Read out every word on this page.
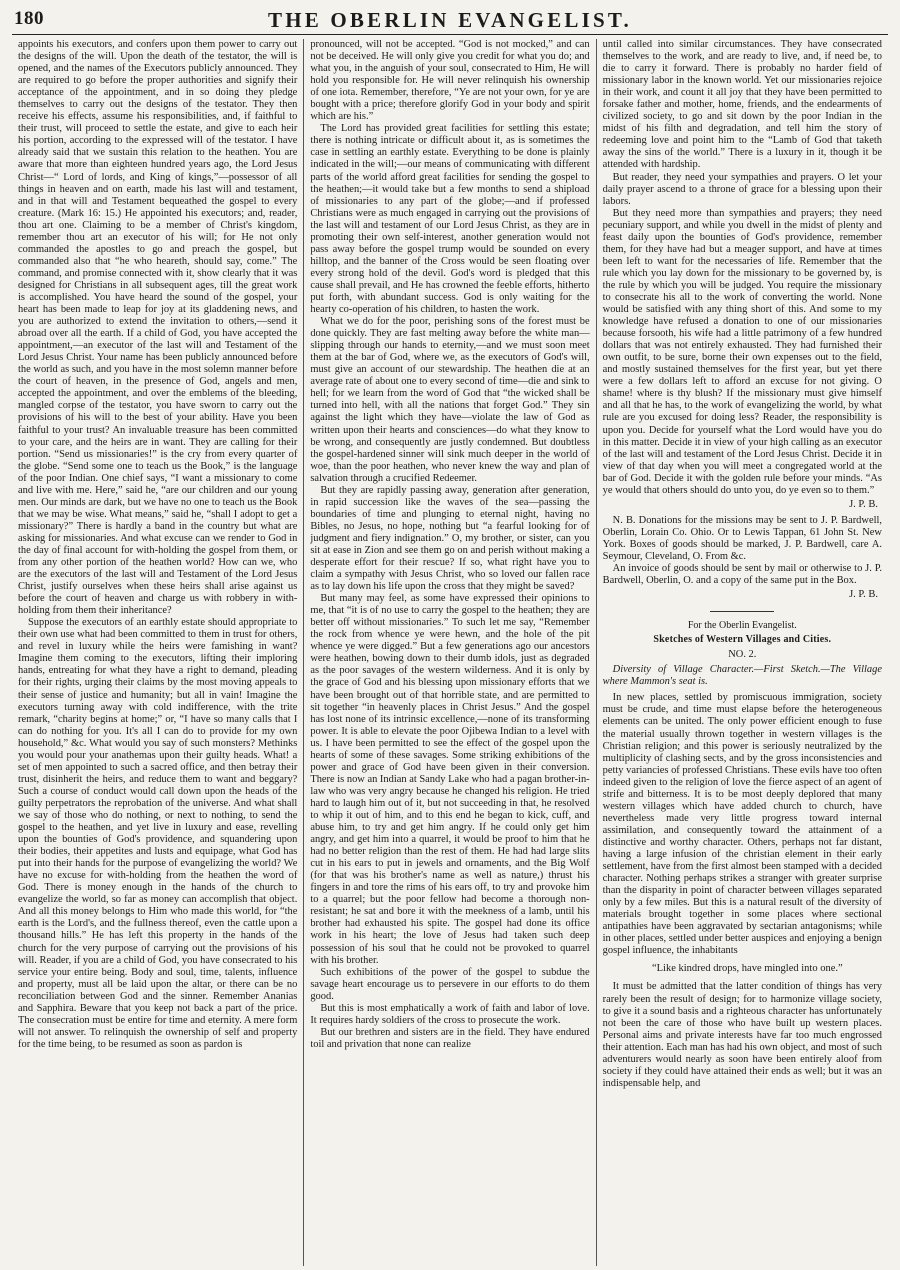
180	THE OBERLIN EVANGELIST.

appoints his executors, and confers upon them power to carry out the designs of the will. Upon the death of the testator, the will is opened, and the names of the Executors publicly announced. They are required to go before the proper authorities and signify their acceptance of the appointment, and in so doing they pledge themselves to carry out the designs of the testator. They then receive his effects, assume his responsibilities, and, if faithful to their trust, will proceed to settle the estate, and give to each heir his portion, according to the expressed will of the testator. I have already said that we sustain this relation to the heathen. You are aware that more than eighteen hundred years ago, the Lord Jesus Christ—“ Lord of lords, and King of kings,”—possessor of all things in heaven and on earth, made his last will and testament, and in that will and Testament bequeathed the gospel to every creature. (Mark 16: 15.) He appointed his executors; and, reader, thou art one. Claiming to be a member of Christ's kingdom, remember thou art an executor of his will; for He not only commanded the apostles to go and preach the gospel, but commanded also that “he who heareth, should say, come.” The command, and promise connected with it, show clearly that it was designed for Christians in all subsequent ages, till the great work is accomplished. You have heard the sound of the gospel, your heart has been made to leap for joy at its gladdening news, and you are authorized to extend the invitation to others,—send it abroad over all the earth. If a child of God, you have accepted the appointment,—an executor of the last will and Testament of the Lord Jesus Christ. Your name has been publicly announced before the world as such, and you have in the most solemn manner before the court of heaven, in the presence of God, angels and men, accepted the appointment, and over the emblems of the bleeding, mangled corpse of the testator, you have sworn to carry out the provisions of his will to the best of your ability. Have you been faithful to your trust? An invaluable treasure has been committed to your care, and the heirs are in want. They are calling for their portion. “Send us missionaries!” is the cry from every quarter of the globe. “Send some one to teach us the Book,” is the language of the poor Indian. One chief says, “I want a missionary to come and live with me. Here,” said he, “are our children and our young men. Our minds are dark, but we have no one to teach us the Book that we may be wise. What means,” said he, “shall I adopt to get a missionary?” There is hardly a band in the country but what are asking for missionaries. And what excuse can we render to God in the day of final account for with-holding the gospel from them, or from any other portion of the heathen world? How can we, who are the executors of the last will and Testament of the Lord Jesus Christ, justify ourselves when these heirs shall arise against us before the court of heaven and charge us with robbery in with-holding from them their inheritance?

Suppose the executors of an earthly estate should appropriate to their own use what had been committed to them in trust for others, and revel in luxury while the heirs were famishing in want? Imagine them coming to the executors, lifting their imploring hands, entreating for what they have a right to demand, pleading for their rights, urging their claims by the most moving appeals to their sense of justice and humanity; but all in vain! Imagine the executors turning away with cold indifference, with the trite remark, “charity begins at home;” or, “I have so many calls that I can do nothing for you. It's all I can do to provide for my own household,” &c. What would you say of such monsters? Methinks you would pour your anathemas upon their guilty heads. What! a set of men appointed to such a sacred office, and then betray their trust, disinherit the heirs, and reduce them to want and beggary? Such a course of conduct would call down upon the heads of the guilty perpetrators the reprobation of the universe. And what shall we say of those who do nothing, or next to nothing, to send the gospel to the heathen, and yet live in luxury and ease, revelling upon the bounties of God's providence, and squandering upon their bodies, their appetites and lusts and equipage, what God has put into their hands for the purpose of evangelizing the world? We have no excuse for with-holding from the heathen the word of God. There is money enough in the hands of the church to evangelize the world, so far as money can accomplish that object. And all this money belongs to Him who made this world, for “the earth is the Lord's, and the fullness thereof, even the cattle upon a thousand hills.” He has left this property in the hands of the church for the very purpose of carrying out the provisions of his will. Reader, if you are a child of God, you have consecrated to his service your entire being. Body and soul, time, talents, influence and property, must all be laid upon the altar, or there can be no reconciliation between God and the sinner. Remember Ananias and Sapphira. Beware that you keep not back a part of the price. The consecration must be entire for time and eternity. A mere form will not answer. To relinquish the ownership of self and property for the time being, to be resumed as soon as pardon is

pronounced, will not be accepted. “God is not mocked,” and can not be deceived. He will only give you credit for what you do; and what you, in the anguish of your soul, consecrated to Him, He will hold you responsible for. He will never relinquish his ownership of one iota. Remember, therefore, “Ye are not your own, for ye are bought with a price; therefore glorify God in your body and spirit which are his.”

The Lord has provided great facilities for settling this estate; there is nothing intricate or difficult about it, as is sometimes the case in settling an earthly estate. Everything to be done is plainly indicated in the will;—our means of communicating with different parts of the world afford great facilities for sending the gospel to the heathen;—it would take but a few months to send a shipload of missionaries to any part of the globe;—and if professed Christians were as much engaged in carrying out the provisions of the last will and testament of our Lord Jesus Christ, as they are in promoting their own self-interest, another generation would not pass away before the gospel trump would be sounded on every hilltop, and the banner of the Cross would be seen floating over every strong hold of the devil. God's word is pledged that this cause shall prevail, and He has crowned the feeble efforts, hitherto put forth, with abundant success. God is only waiting for the hearty co-operation of his children, to hasten the work.

What we do for the poor, perishing sons of the forest must be done quickly. They are fast melting away before the white man—slipping through our hands to eternity,—and we must soon meet them at the bar of God, where we, as the executors of God's will, must give an account of our stewardship. The heathen die at an average rate of about one to every second of time—die and sink to hell; for we learn from the word of God that “the wicked shall be turned into hell, with all the nations that forget God.” They sin against the light which they have—violate the law of God as written upon their hearts and consciences—do what they know to be wrong, and consequently are justly condemned. But doubtless the gospel-hardened sinner will sink much deeper in the world of woe, than the poor heathen, who never knew the way and plan of salvation through a crucified Redeemer.

But they are rapidly passing away, generation after generation, in rapid succession like the waves of the sea—passing the boundaries of time and plunging to eternal night, having no Bibles, no Jesus, no hope, nothing but “a fearful looking for of judgment and fiery indignation.” O, my brother, or sister, can you sit at ease in Zion and see them go on and perish without making a desperate effort for their rescue? If so, what right have you to claim a sympathy with Jesus Christ, who so loved our fallen race as to lay down his life upon the cross that they might be saved?

But many may feel, as some have expressed their opinions to me, that “it is of no use to carry the gospel to the heathen; they are better off without missionaries.” To such let me say, “Remember the rock from whence ye were hewn, and the hole of the pit whence ye were digged.” But a few generations ago our ancestors were heathen, bowing down to their dumb idols, just as degraded as the poor savages of the western wilderness. And it is only by the grace of God and his blessing upon missionary efforts that we have been brought out of that horrible state, and are permitted to sit together “in heavenly places in Christ Jesus.” And the gospel has lost none of its intrinsic excellence,—none of its transforming power. It is able to elevate the poor Ojibewa Indian to a level with us. I have been permitted to see the effect of the gospel upon the hearts of some of these savages. Some striking exhibitions of the power and grace of God have been given in their conversion. There is now an Indian at Sandy Lake who had a pagan brother-in-law who was very angry because he changed his religion. He tried hard to laugh him out of it, but not succeeding in that, he resolved to whip it out of him, and to this end he began to kick, cuff, and abuse him, to try and get him angry. If he could only get him angry, and get him into a quarrel, it would be proof to him that he had no better religion than the rest of them. He had had large slits cut in his ears to put in jewels and ornaments, and the Big Wolf (for that was his brother's name as well as nature,) thrust his fingers in and tore the rims of his ears off, to try and provoke him to a quarrel; but the poor fellow had become a thorough non-resistant; he sat and bore it with the meekness of a lamb, until his brother had exhausted his spite. The gospel had done its office work in his heart; the love of Jesus had taken such deep possession of his soul that he could not be provoked to quarrel with his brother.

Such exhibitions of the power of the gospel to subdue the savage heart encourage us to persevere in our efforts to do them good.

But this is most emphatically a work of faith and labor of love. It requires hardy soldiers of the cross to prosecute the work.

But our brethren and sisters are in the field. They have endured toil and privation that none can realize

until called into similar circumstances. They have consecrated themselves to the work, and are ready to live, and, if need be, to die to carry it forward. There is probably no harder field of missionary labor in the known world. Yet our missionaries rejoice in their work, and count it all joy that they have been permitted to forsake father and mother, home, friends, and the endearments of civilized society, to go and sit down by the poor Indian in the midst of his filth and degradation, and tell him the story of redeeming love and point him to the “Lamb of God that taketh away the sins of the world.” There is a luxury in it, though it be attended with hardship.

But reader, they need your sympathies and prayers. O let your daily prayer ascend to a throne of grace for a blessing upon their labors.

But they need more than sympathies and prayers; they need pecuniary support, and while you dwell in the midst of plenty and feast daily upon the bounties of God's providence, remember them, for they have had but a meager support, and have at times been left to want for the necessaries of life. Remember that the rule which you lay down for the missionary to be governed by, is the rule by which you will be judged. You require the missionary to consecrate his all to the work of converting the world. None would be satisfied with any thing short of this. And some to my knowledge have refused a donation to one of our missionaries because forsooth, his wife had a little patrimony of a few hundred dollars that was not entirely exhausted. They had furnished their own outfit, to be sure, borne their own expenses out to the field, and mostly sustained themselves for the first year, but yet there were a few dollars left to afford an excuse for not giving. O shame! where is thy blush? If the missionary must give himself and all that he has, to the work of evangelizing the world, by what rule are you excused for doing less? Reader, the responsibility is upon you. Decide for yourself what the Lord would have you do in this matter. Decide it in view of your high calling as an executor of the last will and testament of the Lord Jesus Christ. Decide it in view of that day when you will meet a congregated world at the bar of God. Decide it with the golden rule before your minds. “As ye would that others should do unto you, do ye even so to them.”

J. P. B.

N. B. Donations for the missions may be sent to J. P. Bardwell, Oberlin, Lorain Co. Ohio. Or to Lewis Tappan, 61 John St. New York. Boxes of goods should be marked, J. P. Bardwell, care A. Seymour, Cleveland, O. From &c.

An invoice of goods should be sent by mail or otherwise to J. P. Bardwell, Oberlin, O. and a copy of the same put in the Box.

J. P. B.

For the Oberlin Evangelist.

Sketches of Western Villages and Cities.

NO. 2.

Diversity of Village Character.—First Sketch.—The Village where Mammon's seat is.

In new places, settled by promiscuous immigration, society must be crude, and time must elapse before the heterogeneous elements can be united. The only power efficient enough to fuse the material usually thrown together in western villages is the Christian religion; and this power is seriously neutralized by the multiplicity of clashing sects, and by the gross inconsistencies and petty variancies of professed Christians. These evils have too often indeed given to the religion of love the fierce aspect of an agent of strife and bitterness. It is to be most deeply deplored that many western villages which have added church to church, have nevertheless made very little progress toward internal assimilation, and consequently toward the attainment of a distinctive and worthy character. Others, perhaps not far distant, having a large infusion of the christian element in their early settlement, have from the first almost been stamped with a decided character. Nothing perhaps strikes a stranger with greater surprise than the disparity in point of character between villages separated only by a few miles. But this is a natural result of the diversity of materials brought together in some places where sectional antipathies have been aggravated by sectarian antagonisms; while in other places, settled under better auspices and enjoying a benign gospel influence, the inhabitants

“Like kindred drops, have mingled into one.”

It must be admitted that the latter condition of things has very rarely been the result of design; for to harmonize village society, to give it a sound basis and a righteous character has unfortunately not been the care of those who have built up western places. Personal aims and private interests have far too much engrossed their attention. Each man has had his own object, and most of such adventurers would nearly as soon have been entirely aloof from society if they could have attained their ends as well; but it was an indispensable help, and
